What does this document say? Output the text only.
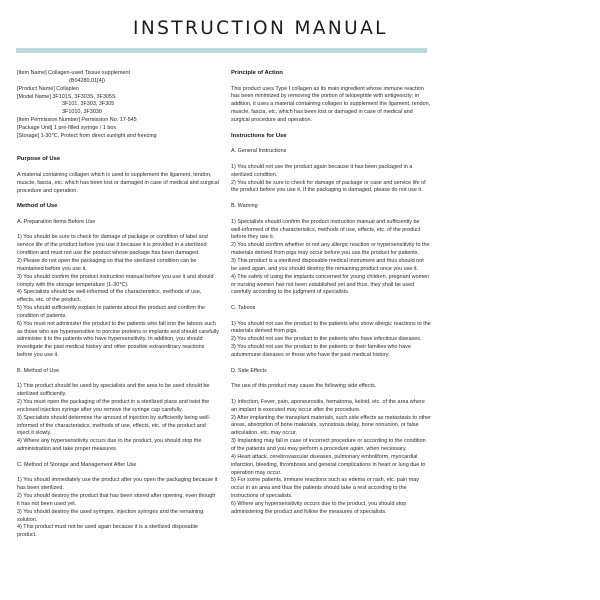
INSTRUCTION MANUAL

[Item Name] Collagen-used Tissue supplement

(B04280.01[4])

[Product Name] Collapleo

[Model Name] 3F101S, 3F303S, 3F305S

3F101, 3F303, 3F305

3F1010, 3F3030

[Item Permission Number] Permission No. 17-545

[Package Unit] 1 pre-filled syringe / 1 box

[Storage] 1-30℃, Protect from direct sunlight and freezing

Purpose of Use

A material containing collagen which is used to supplement the ligament, tendon, muscle, fascia, etc. which has been lost or damaged in case of medical and surgical procedure and operation.

Method of Use

A. Preparation Items Before Use

1) You should be sure to check for damage of package or condition of label and service life of the product before you use it because it is provided in a sterilized condition and must not use the product whose package has been damaged.

2) Please do not open the packaging so that the sterilized condition can be maintained before you use it.

3) You should confirm the product instruction manual before you use it and should comply with the storage temperature (1-30℃).

4) Specialists should be well-informed of the characteristics, methods of use, effects, etc. of the product.

5) You should sufficiently explain to patients about the product and confirm the condition of patients.

6) You must not administer the product to the patients who fall into the taboos such as those who are hypersensitive to porcine proteins or implants and should carefully administer it to the patients who have hypersensitivity. In addition, you should investigate the past medical history and other possible extraordinary reactions before you use it.

B. Method of Use

1) This product should be used by specialists and the area to be used should be sterilized sufficiently.

2) You must open the packaging of the product in a sterilized place and twist the enclosed injection syringe after you remove the syringe cap carefully.

3) Specialists should determine the amount of injection by sufficiently being well-informed of the characteristics, methods of use, effects, etc. of the product and inject it slowly.

4) Where any hypersensitivity occurs due to the product, you should stop the administration and take proper measures.

C. Method of Storage and Management After Use

1) You should immediately use the product after you open the packaging because it has been sterilized.

2) You should destroy the product that has been stored after opening, even though it has not been used yet.

3) You should destroy the used syringes, injection syringes and the remaining solution.

4) This product must not be used again because it is a sterilized disposable product.

Principle of Action

This product uses Type I collagen as its main ingredient whose immune reaction has been minimized by removing the portion of telopeptide with antigenicity; in addition, it uses a material containing collagen to supplement the ligament, tendon, muscle, fascia, etc. which has been lost or damaged in case of medical and surgical procedure and operation.

Instructions for Use

A. General Instructions

1) You should not use the product again because it has been packaged in a sterilized condition.

2) You should be sure to check for damage of package or case and service life of the product before you use it. If the packaging is damaged, please do not use it.

B. Warning

1) Specialists should confirm the product instruction manual and sufficiently be well-informed of the characteristics, methods of use, effects, etc. of the product before they use it.

2) You should confirm whether or not any allergic reaction or hypersensitivity to the materials derived from pigs may occur before you use the product for patients.

3) This product is a sterilized disposable medical instrument and thus should not be used again, and you should destroy the remaining product once you use it.

4) The safety of using the implants concerned for young children, pregnant women or nursing women has not been established yet and thus, they shall be used carefully according to the judgment of specialists.

C. Taboos

1) You should not use the product to the patients who show allergic reactions to the materials derived from pigs.

2) You should not use the product to the patients who have infectious diseases.

3) You should not use the product to the patients or their families who have autoimmune diseases or those who have the past medical history.

D. Side Effects

The use of this product may cause the following side effects.

1) Infection, Fever, pain, aponeurositis, hematoma, keloid, etc. of the area where an implant is executed may occur after the procedure.

2) After implanting the transplant materials, such side effects as metastasis to other areas, absorption of bone materials, synostosis delay, bone nonunion, or false articulation, etc. may occur.

3) Implanting may fail in case of incorrect procedure or according to the condition of the patients and you may perform a procedure again, when necessary.

4) Heart attack, cerebrovascular diseases, pulmonary emboliform, myocardial infarction, bleeding, thrombosis and general complications in heart or lung due to operation may occur.

5) For some patients, immune reactions such as edema or rash, etc. pain may occur in an area and thus the patients should take a rest according to the instructions of specialists.

6) Where any hypersensitivity occurs due to the product, you should stop administering the product and follow the measures of specialists.
